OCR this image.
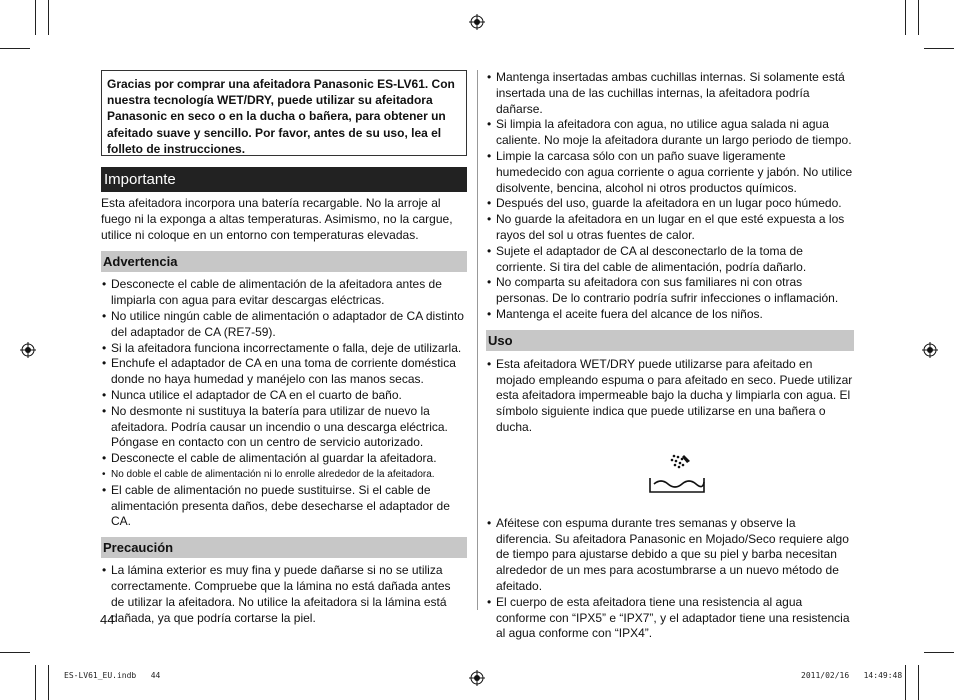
Gracias por comprar una afeitadora Panasonic ES-LV61. Con nuestra tecnología WET/DRY, puede utilizar su afeitadora Panasonic en seco o en la ducha o bañera, para obtener un afeitado suave y sencillo. Por favor, antes de su uso, lea el folleto de instrucciones.
Importante
Esta afeitadora incorpora una batería recargable. No la arroje al fuego ni la exponga a altas temperaturas. Asimismo, no la cargue, utilice ni coloque en un entorno con temperaturas elevadas.
Advertencia
• Desconecte el cable de alimentación de la afeitadora antes de limpiarla con agua para evitar descargas eléctricas.
• No utilice ningún cable de alimentación o adaptador de CA distinto del adaptador de CA (RE7-59).
• Si la afeitadora funciona incorrectamente o falla, deje de utilizarla.
• Enchufe el adaptador de CA en una toma de corriente doméstica donde no haya humedad y manéjelo con las manos secas.
• Nunca utilice el adaptador de CA en el cuarto de baño.
• No desmonte ni sustituya la batería para utilizar de nuevo la afeitadora. Podría causar un incendio o una descarga eléctrica. Póngase en contacto con un centro de servicio autorizado.
• Desconecte el cable de alimentación al guardar la afeitadora.
• No doble el cable de alimentación ni lo enrolle alrededor de la afeitadora.
• El cable de alimentación no puede sustituirse. Si el cable de alimentación presenta daños, debe desecharse el adaptador de CA.
Precaución
• La lámina exterior es muy fina y puede dañarse si no se utiliza correctamente. Compruebe que la lámina no está dañada antes de utilizar la afeitadora. No utilice la afeitadora si la lámina está dañada, ya que podría cortarse la piel.
• Mantenga insertadas ambas cuchillas internas. Si solamente está insertada una de las cuchillas internas, la afeitadora podría dañarse.
• Si limpia la afeitadora con agua, no utilice agua salada ni agua caliente. No moje la afeitadora durante un largo periodo de tiempo.
• Limpie la carcasa sólo con un paño suave ligeramente humedecido con agua corriente o agua corriente y jabón. No utilice disolvente, bencina, alcohol ni otros productos químicos.
• Después del uso, guarde la afeitadora en un lugar poco húmedo.
• No guarde la afeitadora en un lugar en el que esté expuesta a los rayos del sol u otras fuentes de calor.
• Sujete el adaptador de CA al desconectarlo de la toma de corriente. Si tira del cable de alimentación, podría dañarlo.
• No comparta su afeitadora con sus familiares ni con otras personas. De lo contrario podría sufrir infecciones o inflamación.
• Mantenga el aceite fuera del alcance de los niños.
Uso
• Esta afeitadora WET/DRY puede utilizarse para afeitado en mojado empleando espuma o para afeitado en seco. Puede utilizar esta afeitadora impermeable bajo la ducha y limpiarla con agua. El símbolo siguiente indica que puede utilizarse en una bañera o ducha.
• Aféitese con espuma durante tres semanas y observe la diferencia. Su afeitadora Panasonic en Mojado/Seco requiere algo de tiempo para ajustarse debido a que su piel y barba necesitan alrededor de un mes para acostumbrarse a un nuevo método de afeitado.
• El cuerpo de esta afeitadora tiene una resistencia al agua conforme con “IPX5” e “IPX7”, y el adaptador tiene una resistencia al agua conforme con “IPX4”.
44
ES-LV61_EU.indb   44	2011/02/16   14:49:48
